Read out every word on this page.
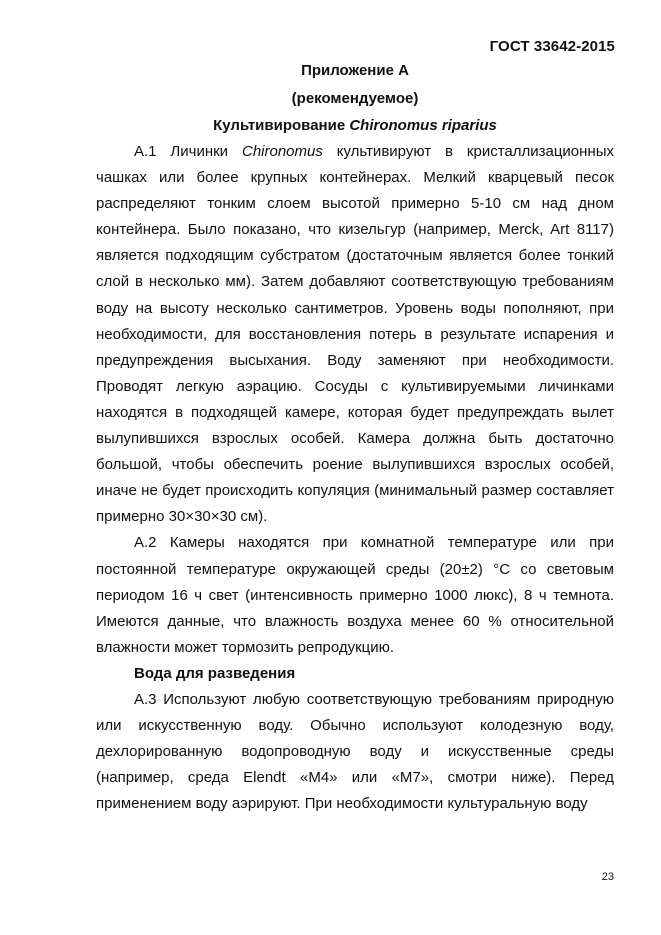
ГОСТ 33642-2015
Приложение А
(рекомендуемое)
Культивирование Chironomus riparius

А.1 Личинки Chironomus культивируют в кристаллизационных чашках или более крупных контейнерах. Мелкий кварцевый песок распределяют тонким слоем высотой примерно 5-10 см над дном контейнера. Было показано, что кизельгур (например, Merck, Art 8117) является подходящим субстратом (достаточным является более тонкий слой в несколько мм). Затем добавляют соответствующую требованиям воду на высоту несколько сантиметров. Уровень воды пополняют, при необходимости, для восстановления потерь в результате испарения и предупреждения высыхания. Воду заменяют при необходимости. Проводят легкую аэрацию. Сосуды с культивируемыми личинками находятся в подходящей камере, которая будет предупреждать вылет вылупившихся взрослых особей. Камера должна быть достаточно большой, чтобы обеспечить роение вылупившихся взрослых особей, иначе не будет происходить копуляция (минимальный размер составляет примерно 30×30×30 см).

А.2 Камеры находятся при комнатной температуре или при постоянной температуре окружающей среды (20±2) °С со световым периодом 16 ч свет (интенсивность примерно 1000 люкс), 8 ч темнота. Имеются данные, что влажность воздуха менее 60 % относительной влажности может тормозить репродукцию.

Вода для разведения

А.3 Используют любую соответствующую требованиям природную или искусственную воду. Обычно используют колодезную воду, дехлорированную водопроводную воду и искусственные среды (например, среда Elendt «М4» или «М7», смотри ниже). Перед применением воду аэрируют. При необходимости культуральную воду

23
